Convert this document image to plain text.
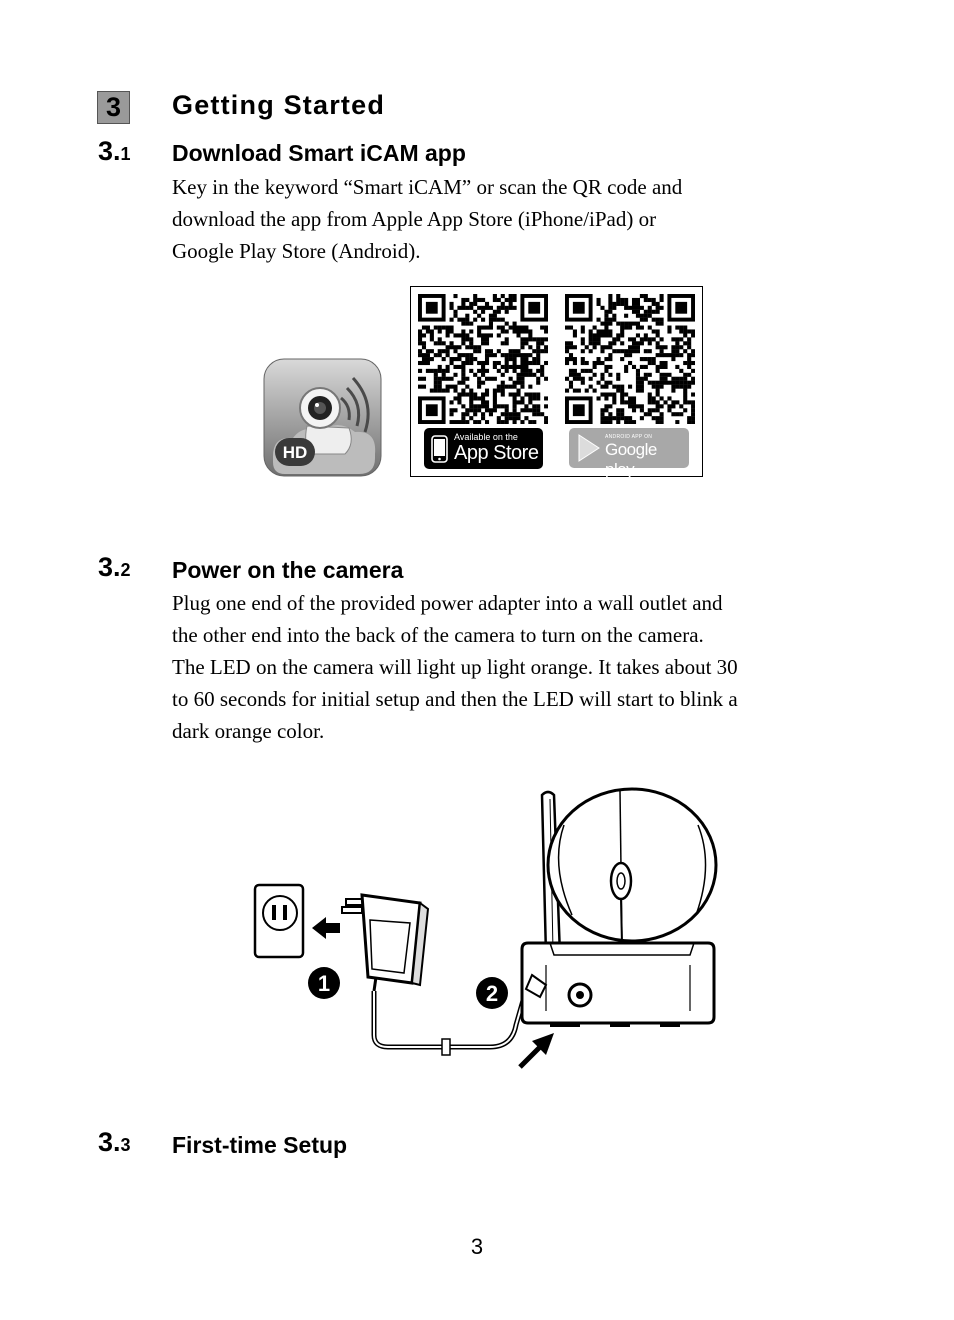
3	Getting Started
3.1 Download Smart iCAM app
Key in the keyword “Smart iCAM” or scan the QR code and
download the app from Apple App Store (iPhone/iPad) or
Google Play Store (Android).
HD
Available on the
App Store
ANDROID APP ON
Google play
3.2 Power on the camera
Plug one end of the provided power adapter into a wall outlet and
the other end into the back of the camera to turn on the camera.
The LED on the camera will light up light orange. It takes about 30
to 60 seconds for initial setup and then the LED will start to blink a
dark orange color.
1	2
3.3 First-time Setup
3
